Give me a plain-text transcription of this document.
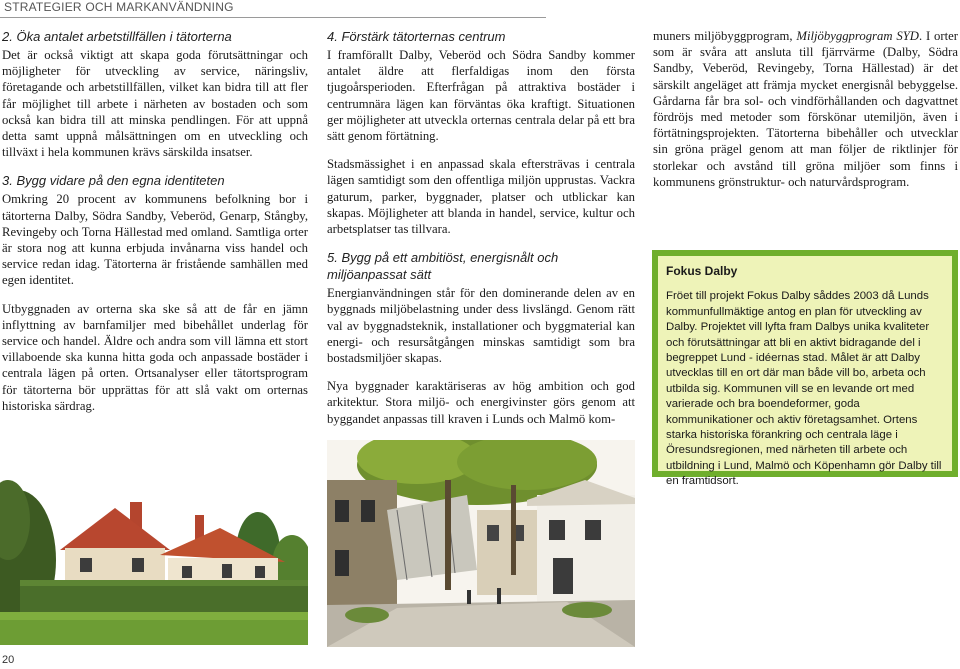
STRATEGIER OCH MARKANVÄNDNING
2. Öka antalet arbetstillfällen i tätorterna

Det är också viktigt att skapa goda förutsättningar och möjligheter för utveckling av service, näringsliv, företagande och arbetstillfällen, vilket kan bidra till att fler får möjlighet till arbete i närheten av bostaden och som också kan bidra till att minska pendlingen. För att uppnå detta samt uppnå målsättningen om en utveckling och tillväxt i hela kommunen krävs särskilda insatser.

3. Bygg vidare på den egna identiteten

Omkring 20 procent av kommunens befolkning bor i tätorterna Dalby, Södra Sandby, Veberöd, Genarp, Stångby, Revingeby och Torna Hällestad med omland. Samtliga orter är stora nog att kunna erbjuda invånarna viss handel och service redan idag. Tätorterna är fristående samhällen med egen identitet.

Utbyggnaden av orterna ska ske så att de får en jämn inflyttning av barnfamiljer med bibehållet underlag för service och handel. Äldre och andra som vill lämna ett stort villaboende ska kunna hitta goda och anpassade bostäder i centrala lägen på orten. Ortsanalyser eller tätortsprogram för tätorterna bör upprättas för att slå vakt om orternas historiska särdrag.

4. Förstärk tätorternas centrum

I framförallt Dalby, Veberöd och Södra Sandby kommer antalet äldre att flerfaldigas inom den första tjugoårsperioden. Efterfrågan på attraktiva bostäder i centrumnära lägen kan förväntas öka kraftigt. Situationen ger möjligheter att utveckla orternas centrala delar på ett bra sätt genom förtätning.

Stadsmässighet i en anpassad skala eftersträvas i centrala lägen samtidigt som den offentliga miljön upprustas. Vackra gaturum, parker, byggnader, platser och utblickar kan skapas. Möjligheter att blanda in handel, service, kultur och arbetsplatser tas tillvara.

5. Bygg på ett ambitiöst, energisnålt och miljöanpassat sätt

Energianvändningen står för den dominerande delen av en byggnads miljöbelastning under dess livslängd. Genom rätt val av byggnadsteknik, installationer och byggmaterial kan energi- och resursåtgången minskas samtidigt som bra bostadsmiljöer skapas.

Nya byggnader karaktäriseras av hög ambition och god arkitektur. Stora miljö- och energivinster görs genom att byggandet anpassas till kraven i Lunds och Malmö kom-

muners miljöbyggprogram, Miljöbyggprogram SYD. I orter som är svåra att ansluta till fjärrvärme (Dalby, Södra Sandby, Veberöd, Revingeby, Torna Hällestad) är det särskilt angeläget att främja mycket energisnål bebyggelse. Gårdarna får bra sol- och vindförhållanden och dagvattnet fördröjs med metoder som förskönar utemiljön, även i förtätningsprojekten. Tätorterna bibehåller och utvecklar sin gröna prägel genom att man följer de riktlinjer för storlekar och avstånd till gröna miljöer som finns i kommunens grönstruktur- och naturvårdsprogram.

Fokus Dalby
Fröet till projekt Fokus Dalby såddes 2003 då Lunds kommunfullmäktige antog en plan för utveckling av Dalby. Projektet vill lyfta fram Dalbys unika kvaliteter och förutsättningar att bli en aktivt bidragande del i begreppet Lund - idéernas stad. Målet är att Dalby utvecklas till en ort där man både vill bo, arbeta och utbilda sig. Kommunen vill se en levande ort med varierade och bra boendeformer, goda kommunikationer och aktiv företagsamhet. Ortens starka historiska förankring och centrala läge i Öresundsregionen, med närheten till arbete och utbildning i Lund, Malmö och Köpenhamn gör Dalby till en framtidsort.
20
